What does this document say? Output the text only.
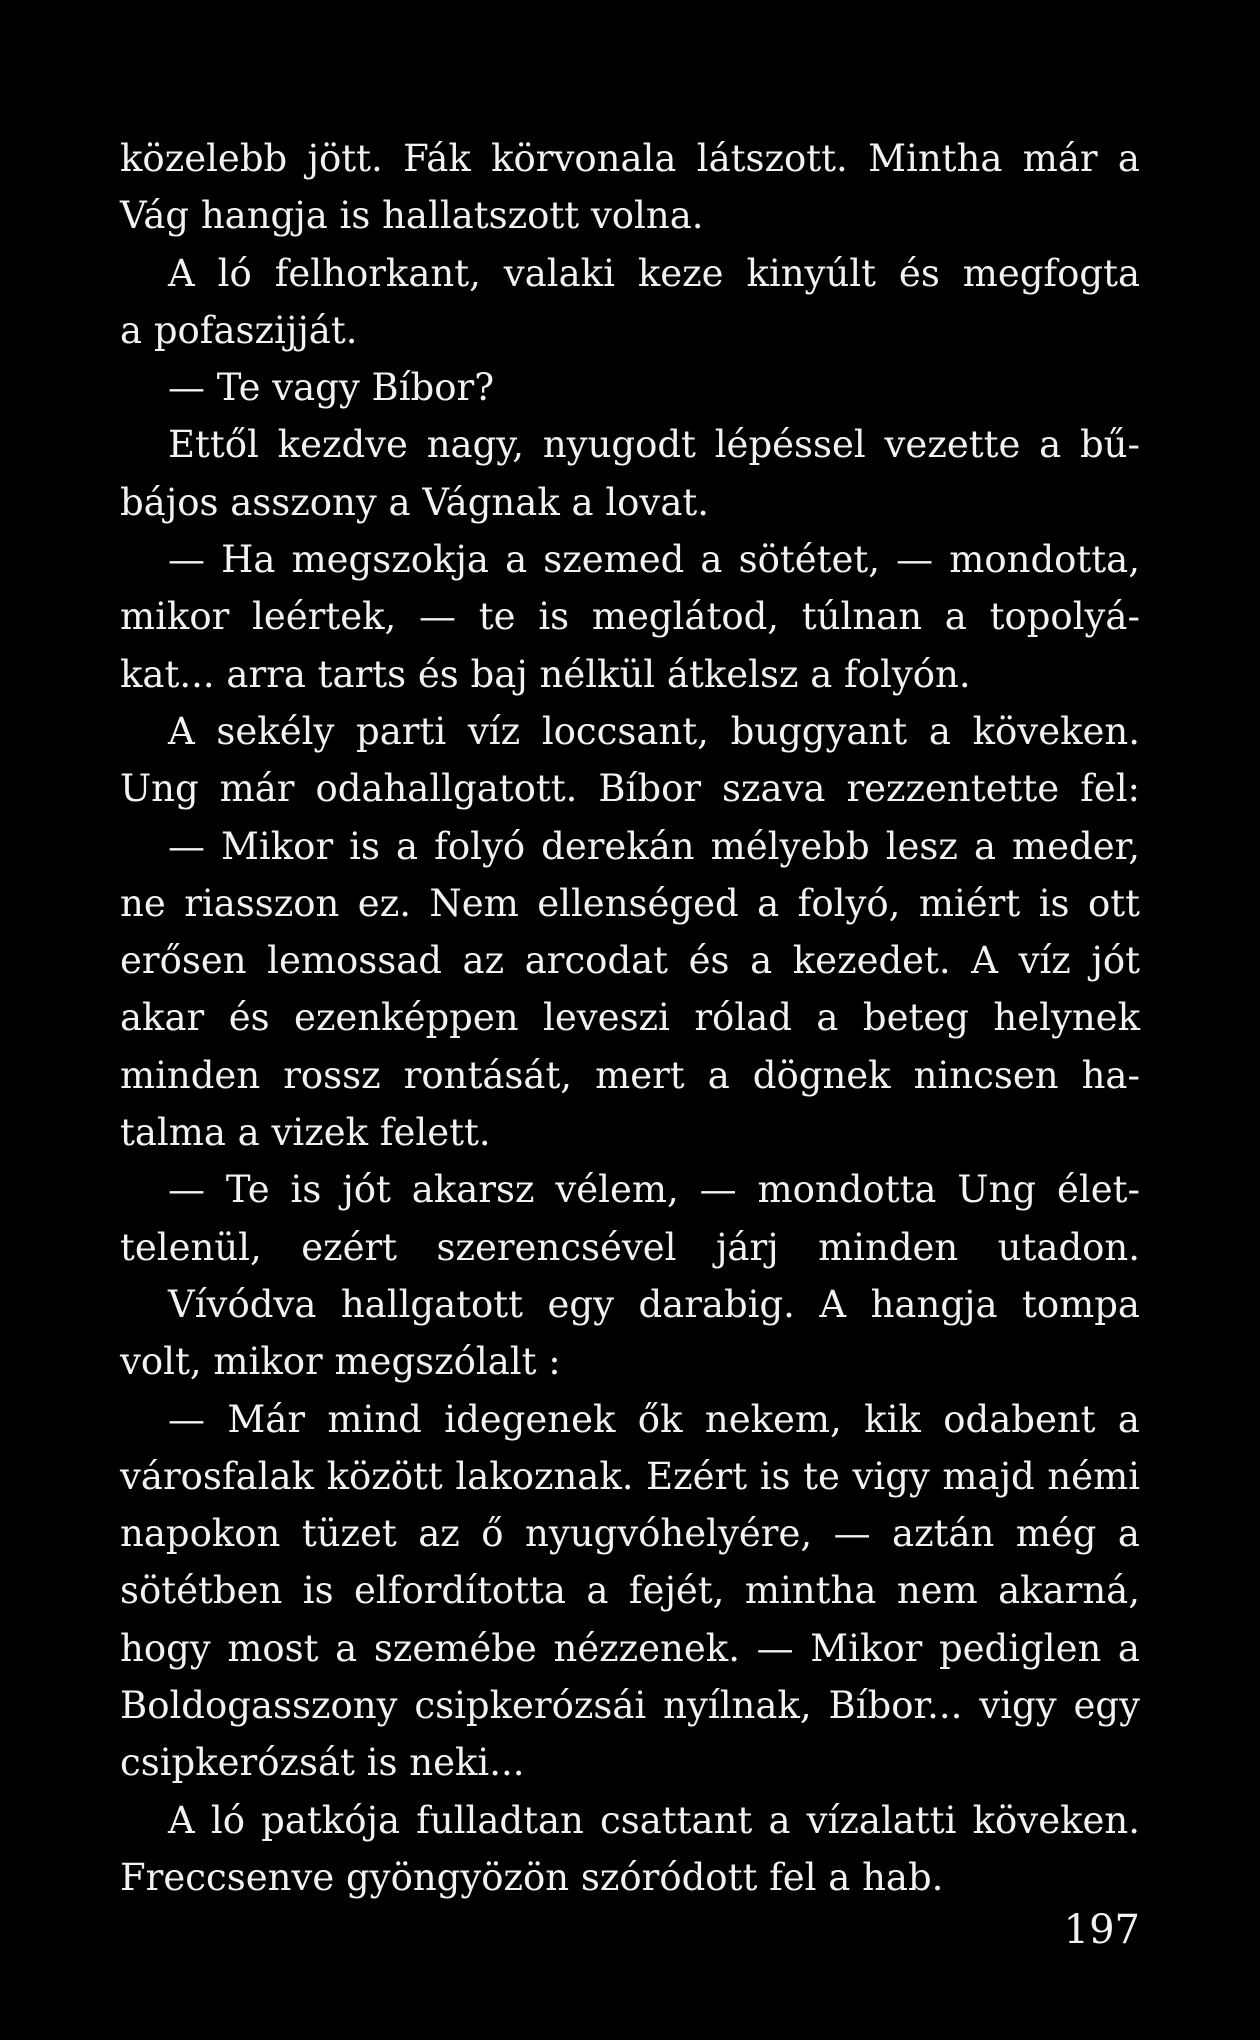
közelebb jött. Fák körvonala látszott. Mintha már a
Vág hangja is hallatszott volna.
A ló felhorkant, valaki keze kinyúlt és megfogta
a pofaszijját.
— Te vagy Bíbor?
Ettől kezdve nagy, nyugodt lépéssel vezette a bű-
bájos asszony a Vágnak a lovat.
— Ha megszokja a szemed a sötétet, — mondotta,
mikor leértek, — te is meglátod, túlnan a topolyá-
kat... arra tarts és baj nélkül átkelsz a folyón.
A sekély parti víz loccsant, buggyant a köveken.
Ung már odahallgatott. Bíbor szava rezzentette fel:
— Mikor is a folyó derekán mélyebb lesz a meder,
ne riasszon ez. Nem ellenséged a folyó, miért is ott
erősen lemossad az arcodat és a kezedet. A víz jót
akar és ezenképpen leveszi rólad a beteg helynek
minden rossz rontását, mert a dögnek nincsen ha-
talma a vizek felett.
— Te is jót akarsz vélem, — mondotta Ung élet-
telenül, ezért szerencsével járj minden utadon.
Vívódva hallgatott egy darabig. A hangja tompa
volt, mikor megszólalt :
— Már mind idegenek ők nekem, kik odabent a
városfalak között lakoznak. Ezért is te vigy majd némi
napokon tüzet az ő nyugvóhelyére, — aztán még a
sötétben is elfordította a fejét, mintha nem akarná,
hogy most a szemébe nézzenek. — Mikor pediglen a
Boldogasszony csipkerózsái nyílnak, Bíbor... vigy egy
csipkerózsát is neki...
A ló patkója fulladtan csattant a vízalatti köveken.
Freccsenve gyöngyözön szóródott fel a hab.
197
